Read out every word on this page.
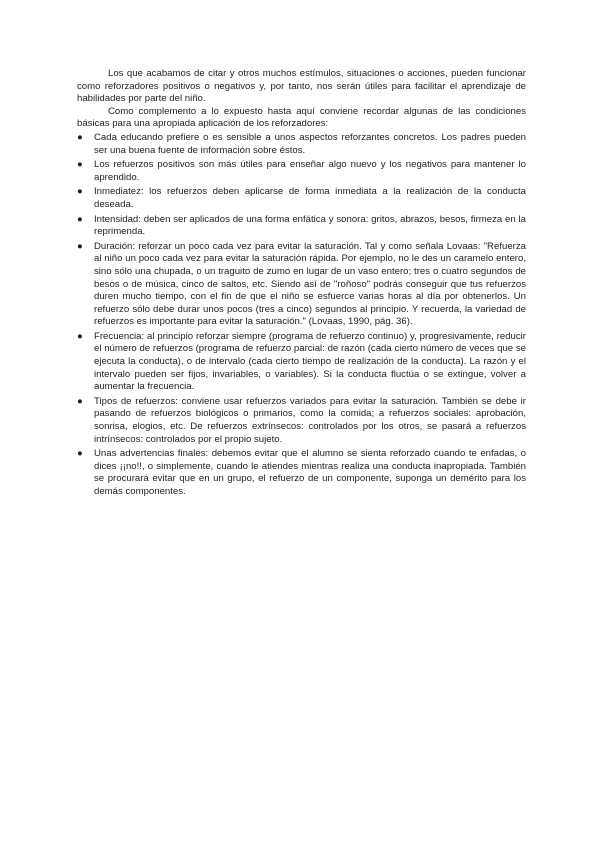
Los que acabamos de citar y otros muchos estímulos, situaciones o acciones, pueden funcionar como reforzadores positivos o negativos y, por tanto, nos serán útiles para facilitar el aprendizaje de habilidades por parte del niño.

Como complemento a lo expuesto hasta aquí conviene recordar algunas de las condiciones básicas para una apropiada aplicación de los reforzadores:

● Cada educando prefiere o es sensible a unos aspectos reforzantes concretos. Los padres pueden ser una buena fuente de información sobre éstos.
● Los refuerzos positivos son más útiles para enseñar algo nuevo y los negativos para mantener lo aprendido.
● Inmediatez: los refuerzos deben aplicarse de forma inmediata a la realización de la conducta deseada.
● Intensidad: deben ser aplicados de una forma enfática y sonora: gritos, abrazos, besos, firmeza en la reprimenda.
● Duración: reforzar un poco cada vez para evitar la saturación. Tal y como señala Lovaas: "Refuerza al niño un poco cada vez para evitar la saturación rápida. Por ejemplo, no le des un caramelo entero, sino sólo una chupada, o un traguito de zumo en lugar de un vaso entero; tres o cuatro segundos de besos o de música, cinco de saltos, etc. Siendo así de "roñoso" podrás conseguir que tus refuerzos duren mucho tiempo, con el fin de que el niño se esfuerce varias horas al día por obtenerlos. Un refuerzo sólo debe durar unos pocos (tres a cinco) segundos al principio. Y recuerda, la variedad de refuerzos es importante para evitar la saturación." (Lovaas, 1990, pág. 36).
● Frecuencia: al principio reforzar siempre (programa de refuerzo continuo) y, progresivamente, reducir el número de refuerzos (programa de refuerzo parcial: de razón (cada cierto número de veces que se ejecuta la conducta), o de intervalo (cada cierto tiempo de realización de la conducta). La razón y el intervalo pueden ser fijos, invariables, o variables). Si la conducta fluctúa o se extingue, volver a aumentar la frecuencia.
● Tipos de refuerzos: conviene usar refuerzos variados para evitar la saturación. También se debe ir pasando de refuerzos biológicos o primarios, como la comida; a refuerzos sociales: aprobación, sonrisa, elogios, etc. De refuerzos extrínsecos: controlados por los otros, se pasará a refuerzos intrínsecos: controlados por el propio sujeto.
● Unas advertencias finales: debemos evitar que el alumno se sienta reforzado cuando te enfadas, o dices ¡¡no!!, o simplemente, cuando le atiendes mientras realiza una conducta inapropiada. También se procurará evitar que en un grupo, el refuerzo de un componente, suponga un demérito para los demás componentes.
